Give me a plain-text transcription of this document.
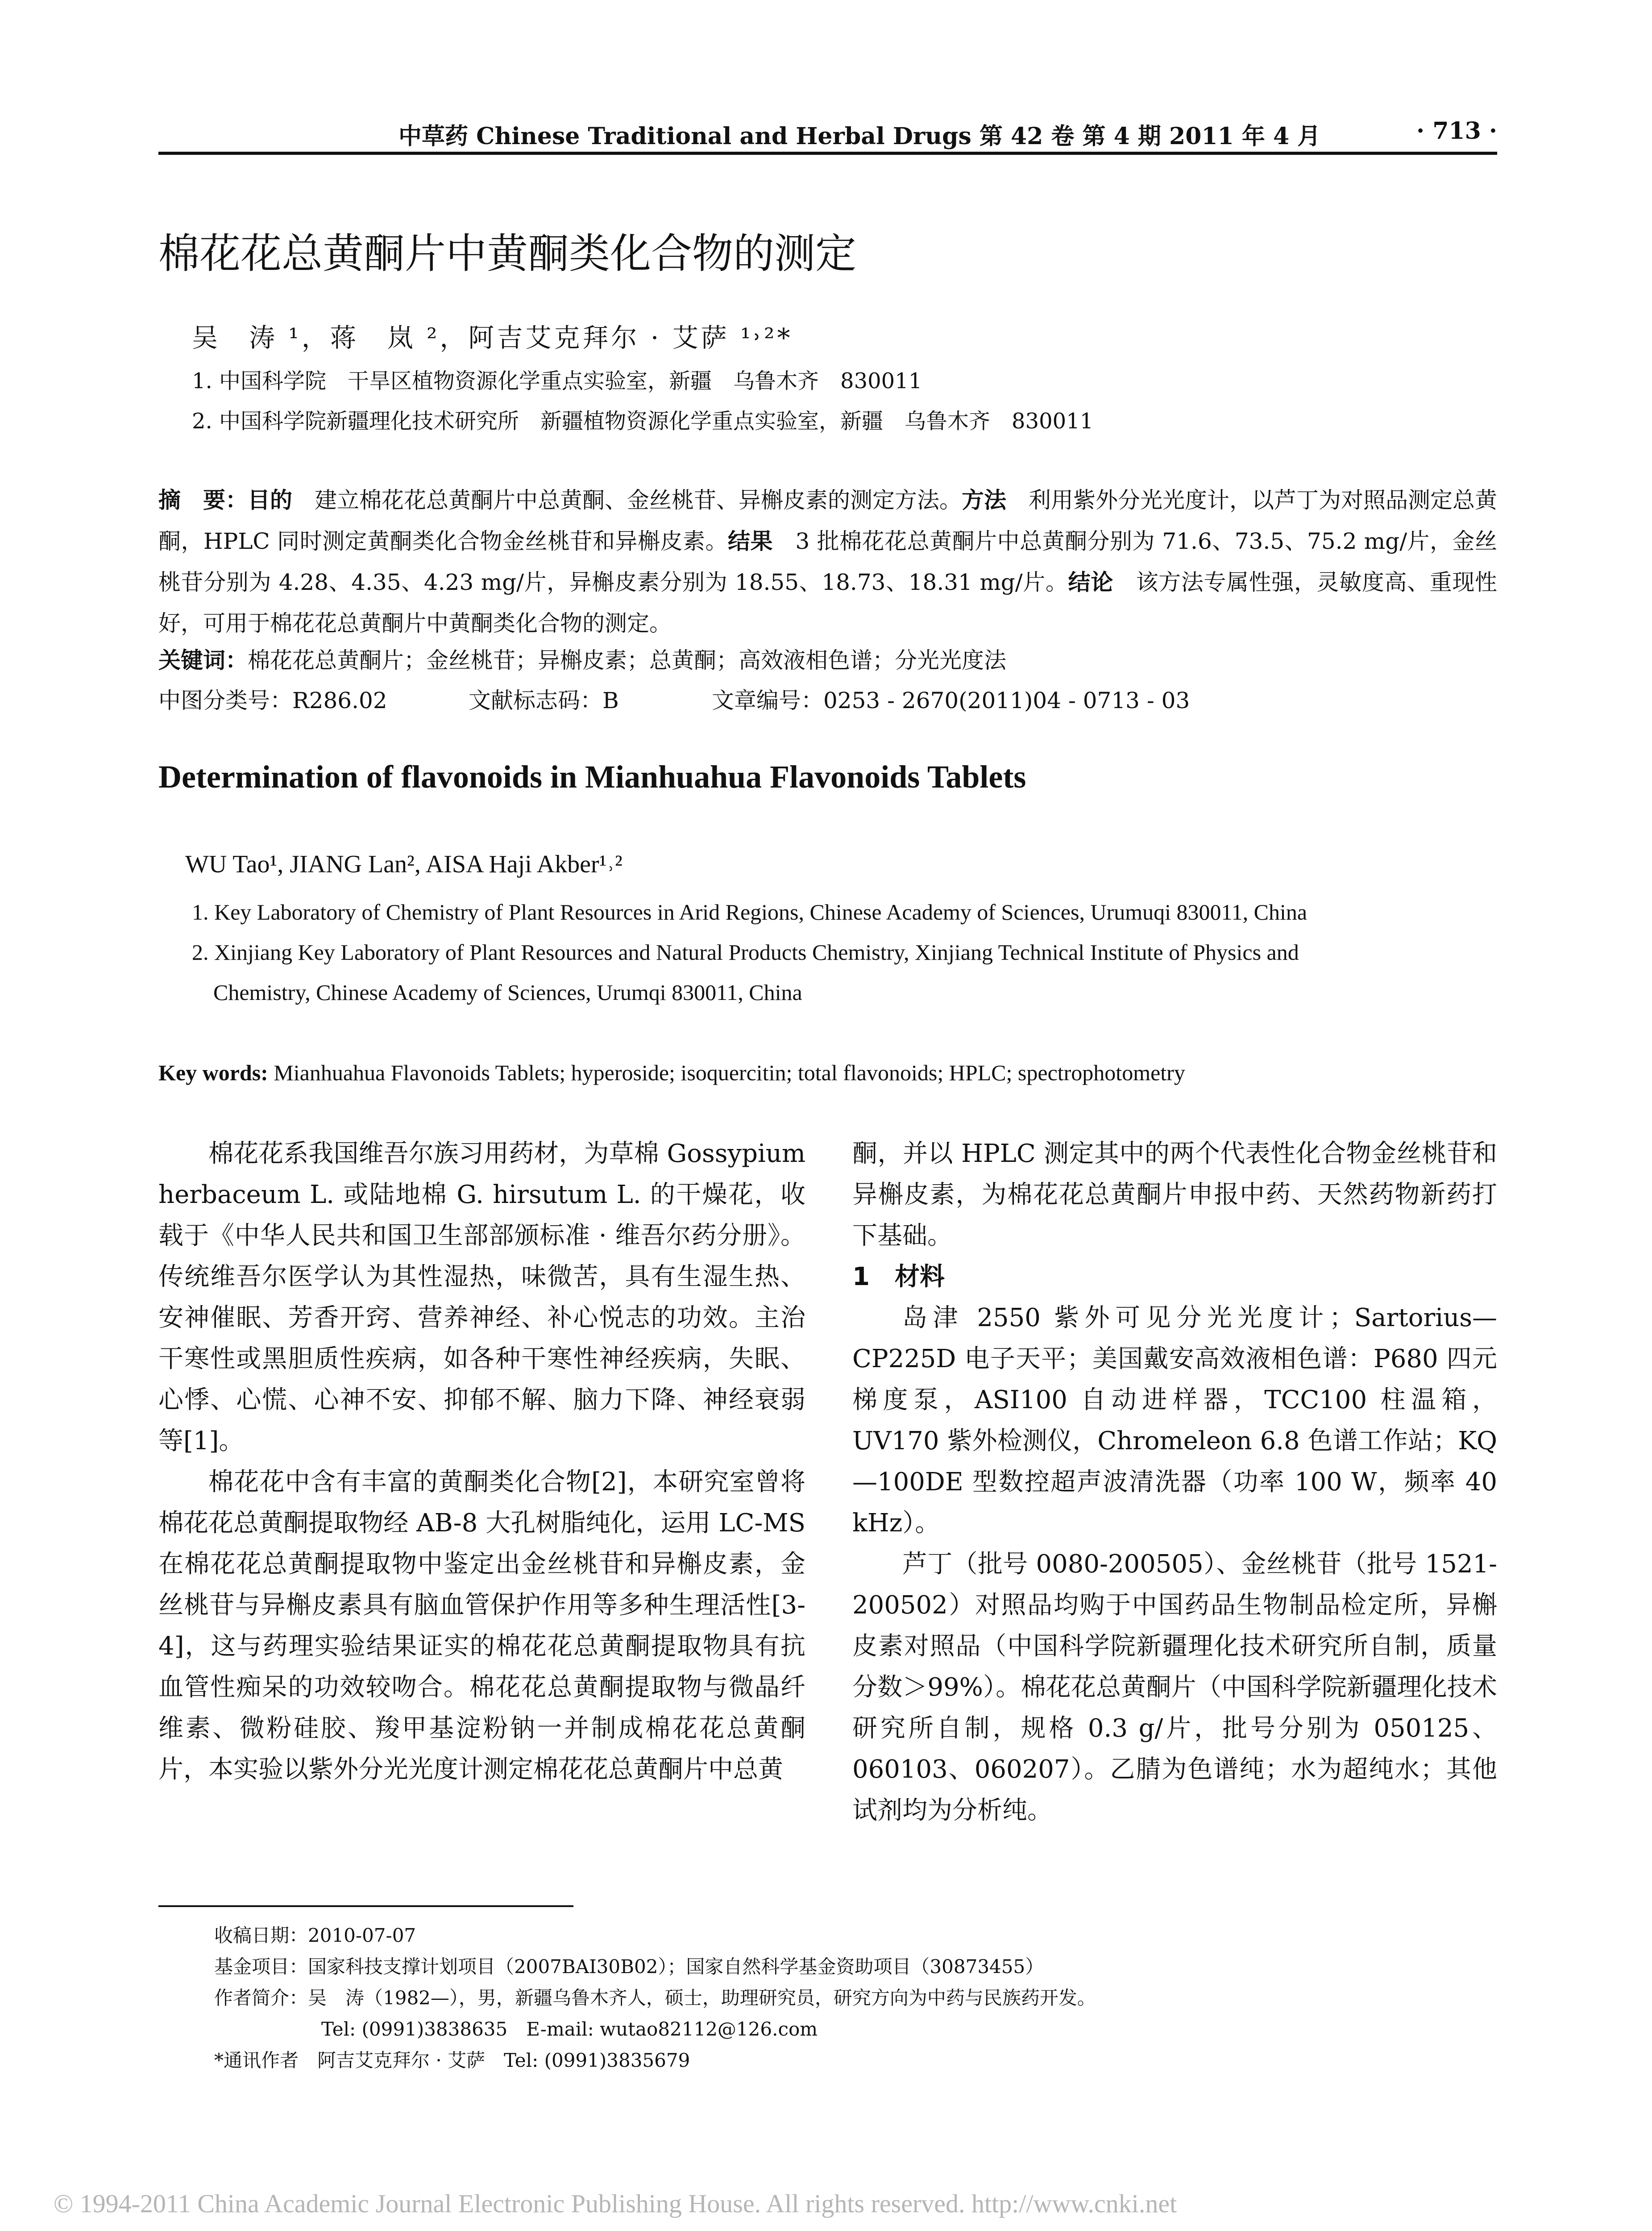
中草药 Chinese Traditional and Herbal Drugs 第 42 卷 第 4 期 2011 年 4 月	· 713 ·
棉花花总黄酮片中黄酮类化合物的测定
吴　涛 ¹，蒋　岚 ²，阿吉艾克拜尔 · 艾萨 ¹˒²*
1. 中国科学院　干旱区植物资源化学重点实验室，新疆　乌鲁木齐　830011
2. 中国科学院新疆理化技术研究所　新疆植物资源化学重点实验室，新疆　乌鲁木齐　830011
摘　要：目的　建立棉花花总黄酮片中总黄酮、金丝桃苷、异槲皮素的测定方法。方法　利用紫外分光光度计，以芦丁为对照品测定总黄酮，HPLC 同时测定黄酮类化合物金丝桃苷和异槲皮素。结果　3 批棉花花总黄酮片中总黄酮分别为 71.6、73.5、75.2 mg/片，金丝桃苷分别为 4.28、4.35、4.23 mg/片，异槲皮素分别为 18.55、18.73、18.31 mg/片。结论　该方法专属性强，灵敏度高、重现性好，可用于棉花花总黄酮片中黄酮类化合物的测定。
关键词：棉花花总黄酮片；金丝桃苷；异槲皮素；总黄酮；高效液相色谱；分光光度法
中图分类号：R286.02	文献标志码：B	文章编号：0253 - 2670(2011)04 - 0713 - 03
Determination of flavonoids in Mianhuahua Flavonoids Tablets
WU Tao¹, JIANG Lan², AISA Haji Akber¹˒²
1. Key Laboratory of Chemistry of Plant Resources in Arid Regions, Chinese Academy of Sciences, Urumuqi 830011, China
2. Xinjiang Key Laboratory of Plant Resources and Natural Products Chemistry, Xinjiang Technical Institute of Physics and
Chemistry, Chinese Academy of Sciences, Urumqi 830011, China
Key words: Mianhuahua Flavonoids Tablets; hyperoside; isoquercitin; total flavonoids; HPLC; spectrophotometry

棉花花系我国维吾尔族习用药材，为草棉 Gossypium herbaceum L. 或陆地棉 G. hirsutum L. 的干燥花，收载于《中华人民共和国卫生部部颁标准 · 维吾尔药分册》。传统维吾尔医学认为其性湿热，味微苦，具有生湿生热、安神催眠、芳香开窍、营养神经、补心悦志的功效。主治干寒性或黑胆质性疾病，如各种干寒性神经疾病，失眠、心悸、心慌、心神不安、抑郁不解、脑力下降、神经衰弱等[1]。

棉花花中含有丰富的黄酮类化合物[2]，本研究室曾将棉花花总黄酮提取物经 AB-8 大孔树脂纯化，运用 LC-MS 在棉花花总黄酮提取物中鉴定出金丝桃苷和异槲皮素，金丝桃苷与异槲皮素具有脑血管保护作用等多种生理活性[3-4]，这与药理实验结果证实的棉花花总黄酮提取物具有抗血管性痴呆的功效较吻合。棉花花总黄酮提取物与微晶纤维素、微粉硅胶、羧甲基淀粉钠一并制成棉花花总黄酮片，本实验以紫外分光光度计测定棉花花总黄酮片中总黄

酮，并以 HPLC 测定其中的两个代表性化合物金丝桃苷和异槲皮素，为棉花花总黄酮片申报中药、天然药物新药打下基础。

1　材料

岛津 2550 紫外可见分光光度计；Sartorius—CP225D 电子天平；美国戴安高效液相色谱：P680 四元梯度泵，ASI100 自动进样器，TCC100 柱温箱，UV170 紫外检测仪，Chromeleon 6.8 色谱工作站；KQ—100DE 型数控超声波清洗器（功率 100 W，频率 40 kHz）。

芦丁（批号 0080-200505）、金丝桃苷（批号 1521-200502）对照品均购于中国药品生物制品检定所，异槲皮素对照品（中国科学院新疆理化技术研究所自制，质量分数＞99%）。棉花花总黄酮片（中国科学院新疆理化技术研究所自制，规格 0.3 g/片，批号分别为 050125、060103、060207）。乙腈为色谱纯；水为超纯水；其他试剂均为分析纯。

收稿日期：2010-07-07
基金项目：国家科技支撑计划项目（2007BAI30B02）；国家自然科学基金资助项目（30873455）
作者简介：吴　涛（1982—），男，新疆乌鲁木齐人，硕士，助理研究员，研究方向为中药与民族药开发。
Tel: (0991)3838635　E-mail: wutao82112@126.com
*通讯作者　阿吉艾克拜尔 · 艾萨　Tel: (0991)3835679
© 1994-2011 China Academic Journal Electronic Publishing House. All rights reserved. http://www.cnki.net
